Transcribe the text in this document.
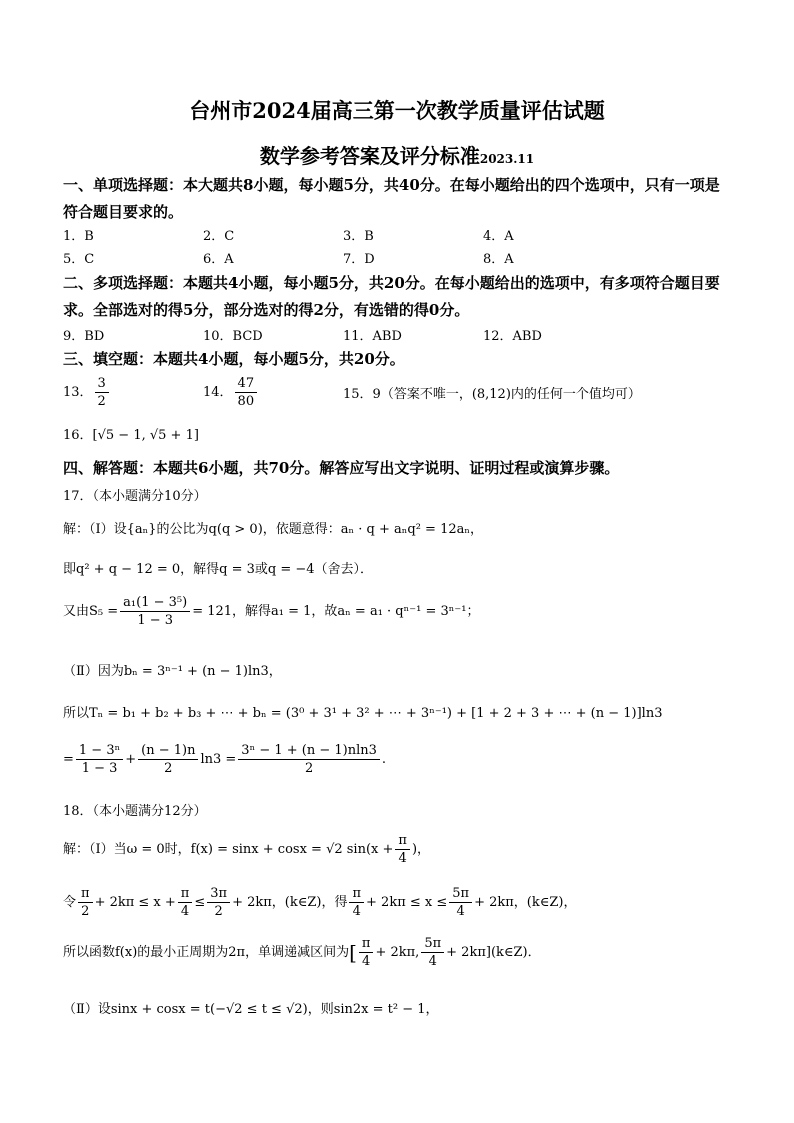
台州市2024届高三第一次教学质量评估试题
数学参考答案及评分标准2023.11
一、单项选择题：本大题共8小题，每小题5分，共40分。在每小题给出的四个选项中，只有一项是符合题目要求的。
1．B	2．C	3．B	4．A
5．C	6．A	7．D	8．A
二、多项选择题：本题共4小题，每小题5分，共20分。在每小题给出的选项中，有多项符合题目要求。全部选对的得5分，部分选对的得2分，有选错的得0分。
9．BD	10．BCD	11．ABD	12．ABD
三、填空题：本题共4小题，每小题5分，共20分。
13． $\frac{3}{2}$	14． $\frac{47}{80}$	15．9（答案不唯一，(8,12)内的任何一个值均可）
16．[√5 − 1, √5 + 1]
四、解答题：本题共6小题，共70分。解答应写出文字说明、证明过程或演算步骤。
17．（本小题满分10分）
解：（Ⅰ）设{aₙ}的公比为q(q > 0)，依题意得：aₙ · q + aₙq² = 12aₙ，
即q² + q − 12 = 0，解得q = 3或q = −4（舍去）．
又由$S_5 = \frac{\text{a₁(1 − 3⁵)}}{1 - 3} = 121$，解得a₁ = 1，故aₙ = a₁ · qⁿ⁻¹ = 3ⁿ⁻¹；
（Ⅱ）因为bₙ = 3ⁿ⁻¹ + (n − 1)ln3，
所以Tₙ = b₁ + b₂ + b₃ + ⋯ + bₙ = (3⁰ + 3¹ + 3² + ⋯ + 3ⁿ⁻¹) + [1 + 2 + 3 + ⋯ + (n − 1)]ln3
= $\frac{\text{1 − 3ⁿ}}{1 - 3} + \frac{(n - 1)n}{2} \ln 3 = \frac{\text{3ⁿ − 1 + (n − 1)nln3}}{2}$ .
18．（本小题满分12分）
解：（Ⅰ）当ω = 0时，f(x) = sinx + cosx = √2 $\sin(x + \frac{\pi}{4}$ )，
令 $\frac{\pi}{2} + 2k\pi \le x + \frac{\pi}{4} \le \frac{3\pi}{2} + 2k\pi$，(k∈Z)，得 $\frac{\pi}{4} + 2k\pi \le x \le \frac{5\pi}{4} + 2k\pi$，(k∈Z)，
所以函数f(x)的最小正周期为2π，单调递减区间为[ $\frac{\pi}{4} + 2k\pi$, $\frac{5\pi}{4}$ + 2kπ](k∈Z)．
（Ⅱ）设sinx + cosx = t(−√2 ≤ t ≤ √2)，则sin2x = t² − 1，
